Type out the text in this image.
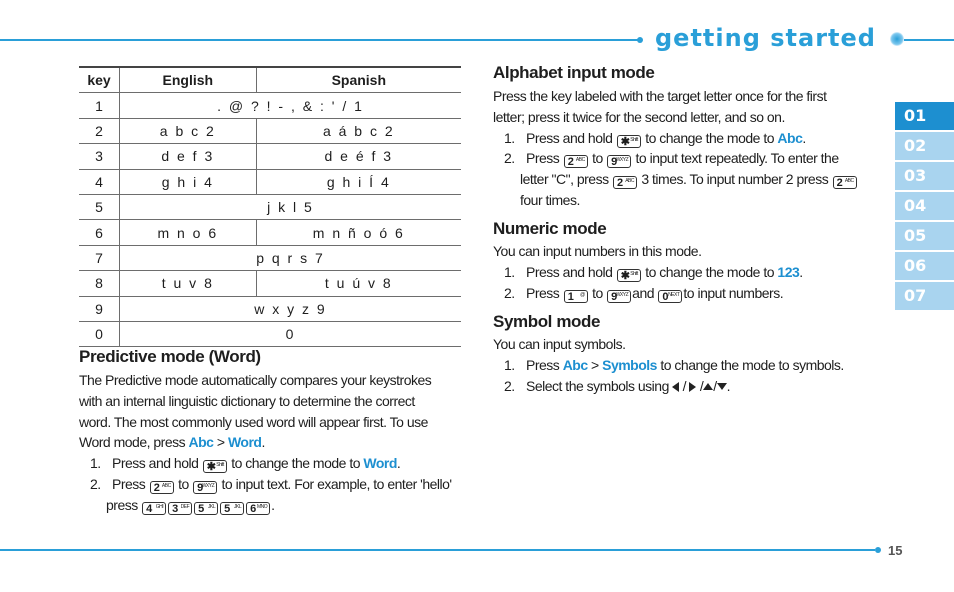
getting started
01
02
03
04
05
06
07
15
key	English	Spanish
1	. @ ? ! - , & : ' / 1	
2	a b c 2	a á b c 2
3	d e f 3	d e é f 3
4	g h i 4	g h i Í 4
5	j k l 5	
6	m n o 6	m n ñ o ó 6
7	p q r s 7	
8	t u v 8	t u ú v 8
9	w x y z 9	
0	0	
Predictive mode (Word)
The Predictive mode automatically compares your keystrokes
with an internal linguistic dictionary to determine the correct
word. The most commonly used word will appear first. To use
Word mode, press Abc > Word.
1. Press and hold ✱ Shift to change the mode to Word.
2. Press 2 ABC to 9
WXYZ to input text. For example, to enter 'hello'
press 4 GHI 3 DEF 5 JKL 5 JKL 6 MNO .
Alphabet input mode
Press the key labeled with the target letter once for the first
letter; press it twice for the second letter, and so on.
1. Press and hold ✱ Shift to change the mode to Abc.
2. Press 2 ABC to 9
WXYZ to input text repeatedly. To enter the
letter "C", press 2 ABC 3 times. To input number 2 press 2 ABC
four times.
Numeric mode
You can input numbers in this mode.
1. Press and hold ✱ Shift to change the mode to 123.
2. Press 1 @ to 9
WXYZ and 0 NEXT to input numbers.
Symbol mode
You can input symbols.
1. Press Abc > Symbols to change the mode to symbols.
2. Select the symbols using / / / .
